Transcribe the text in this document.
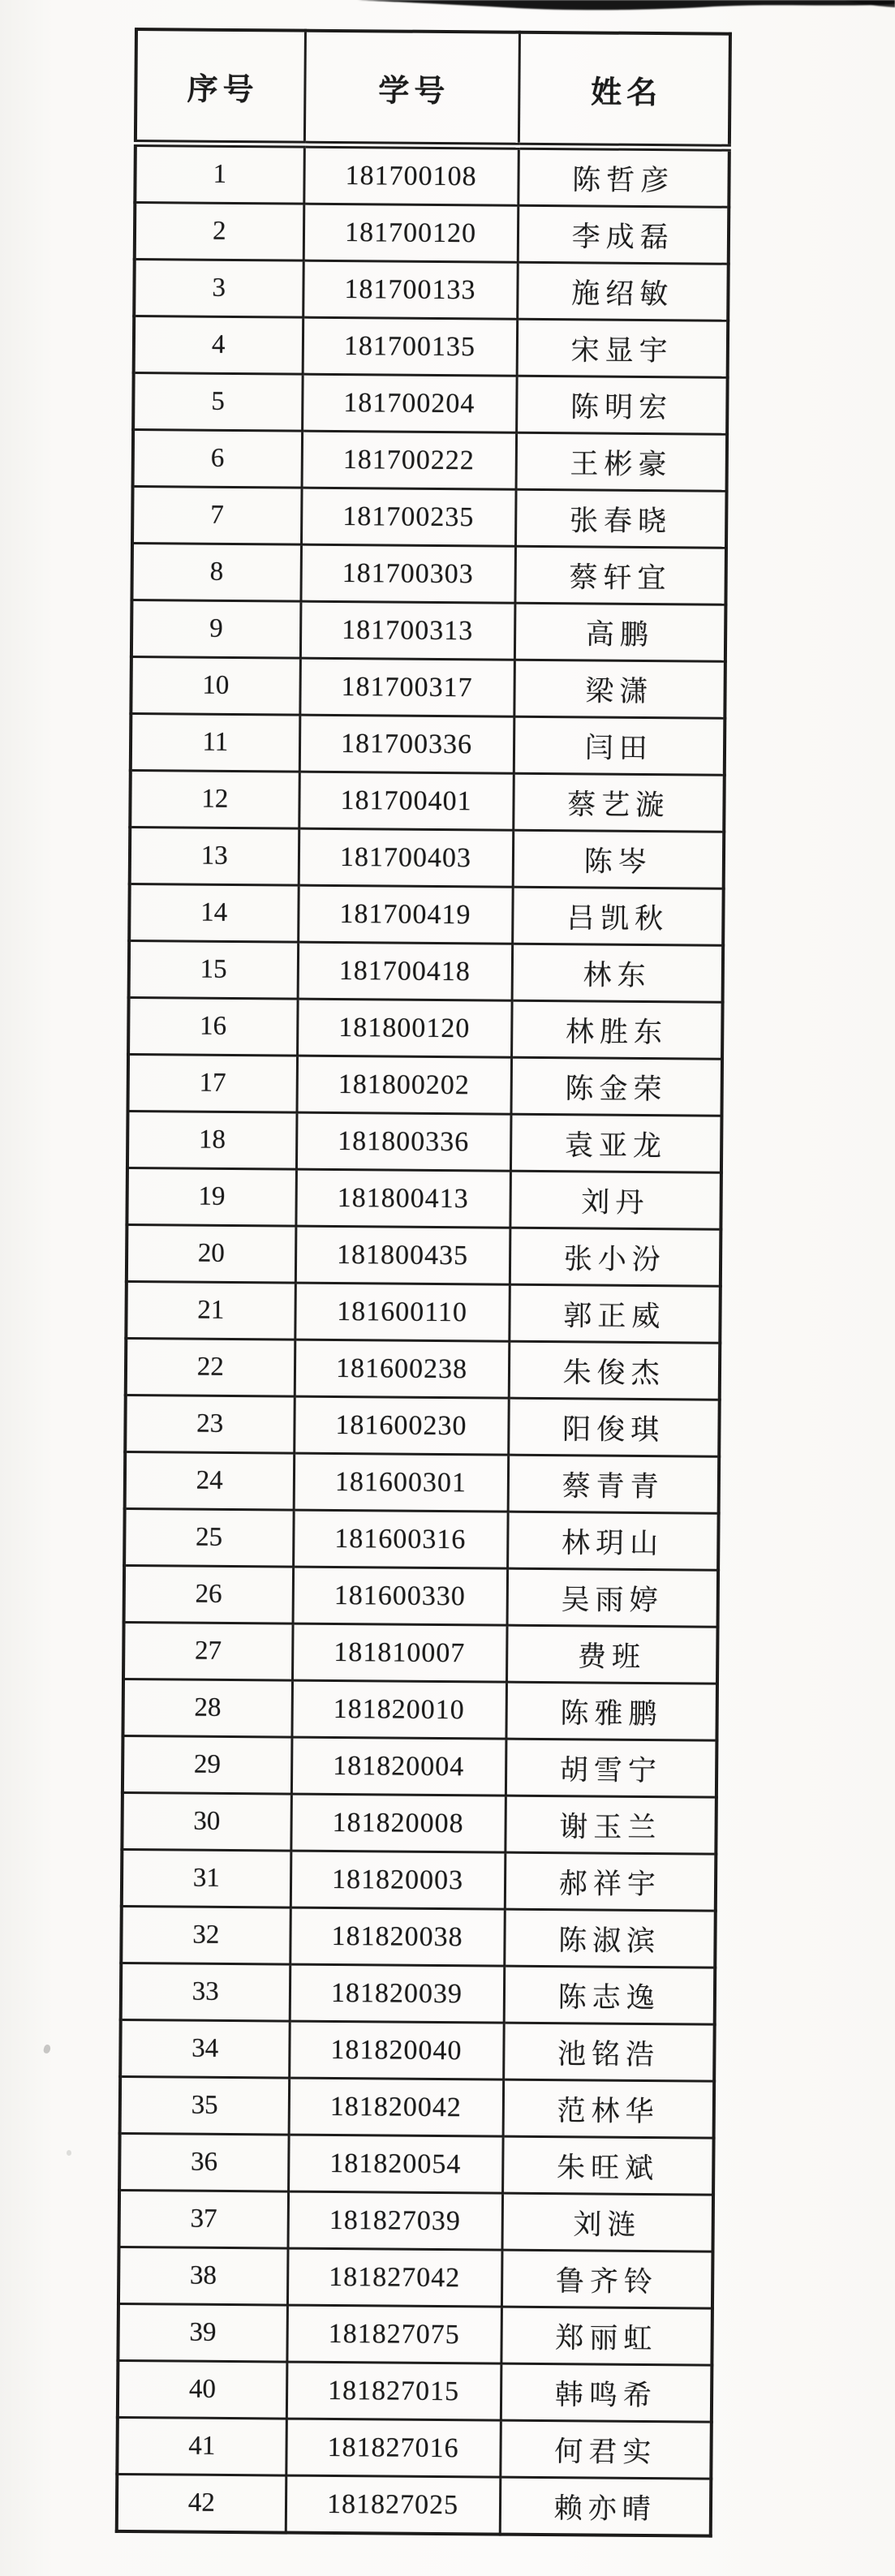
序号	学号	姓名
1	181700108	陈哲彦
2	181700120	李成磊
3	181700133	施绍敏
4	181700135	宋显宇
5	181700204	陈明宏
6	181700222	王彬豪
7	181700235	张春晓
8	181700303	蔡轩宜
9	181700313	高鹏
10	181700317	梁潇
11	181700336	闫田
12	181700401	蔡艺漩
13	181700403	陈岑
14	181700419	吕凯秋
15	181700418	林东
16	181800120	林胜东
17	181800202	陈金荣
18	181800336	袁亚龙
19	181800413	刘丹
20	181800435	张小汾
21	181600110	郭正威
22	181600238	朱俊杰
23	181600230	阳俊琪
24	181600301	蔡青青
25	181600316	林玥山
26	181600330	吴雨婷
27	181810007	费班
28	181820010	陈雅鹏
29	181820004	胡雪宁
30	181820008	谢玉兰
31	181820003	郝祥宇
32	181820038	陈淑滨
33	181820039	陈志逸
34	181820040	池铭浩
35	181820042	范林华
36	181820054	朱旺斌
37	181827039	刘涟
38	181827042	鲁齐铃
39	181827075	郑丽虹
40	181827015	韩鸣希
41	181827016	何君实
42	181827025	赖亦晴
